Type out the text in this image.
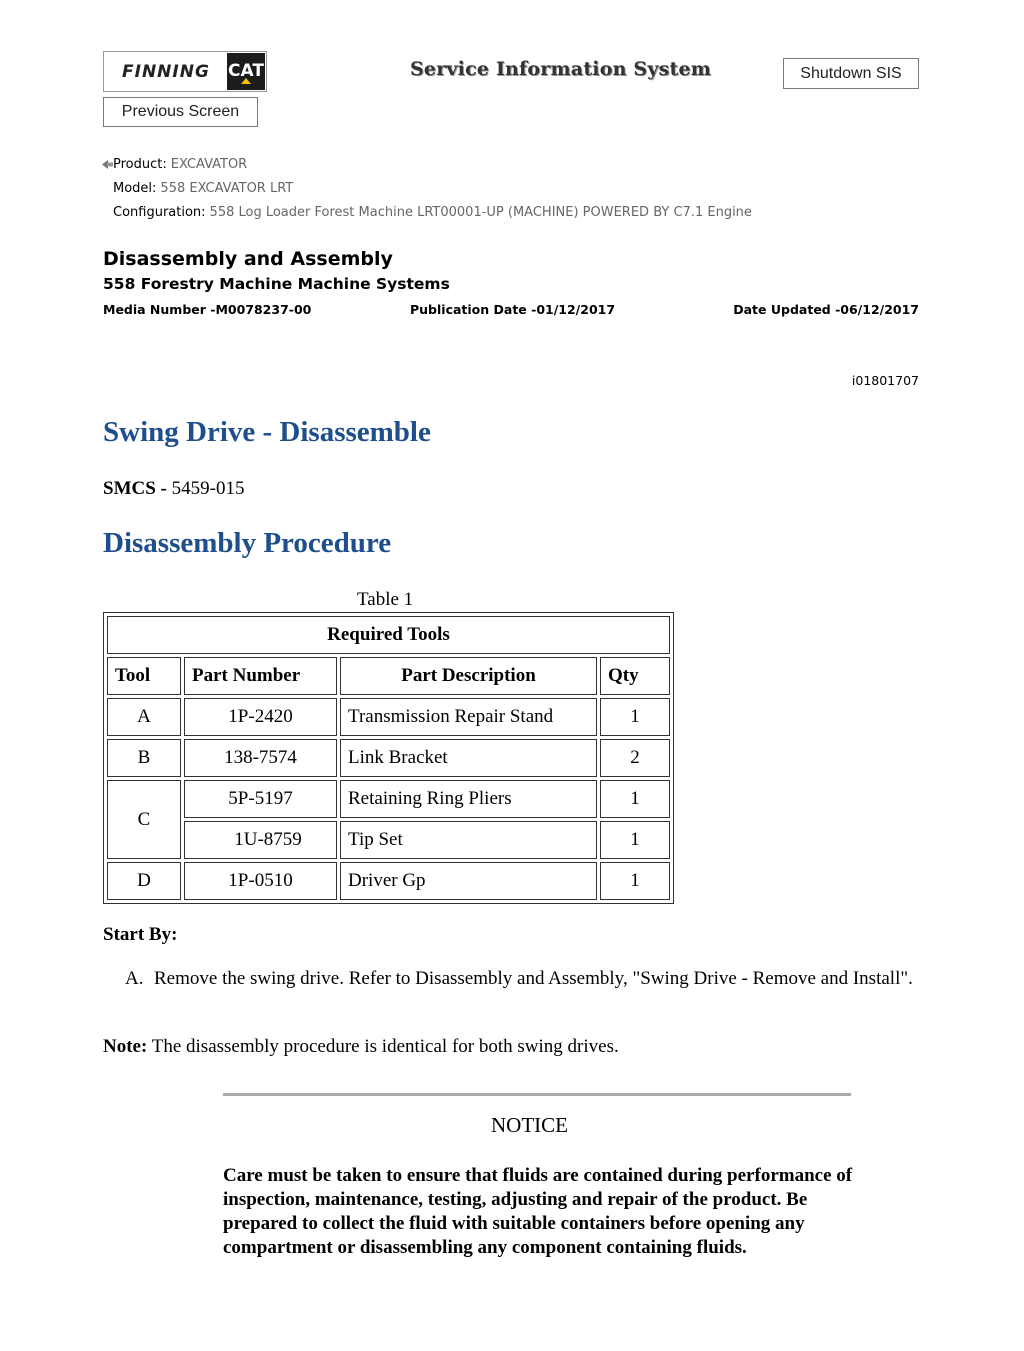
FINNING CAT	Service Information System	Shutdown SIS
Previous Screen
Product: EXCAVATOR
Model: 558 EXCAVATOR LRT
Configuration: 558 Log Loader Forest Machine LRT00001-UP (MACHINE) POWERED BY C7.1 Engine
Disassembly and Assembly
558 Forestry Machine Machine Systems
Media Number -M0078237-00	Publication Date -01/12/2017	Date Updated -06/12/2017
i01801707
Swing Drive - Disassemble
SMCS - 5459-015
Disassembly Procedure
Table 1
Required Tools			
Tool	Part Number	Part Description	Qty
A	1P-2420	Transmission Repair Stand	1
B	138-7574	Link Bracket	2
C	5P-5197	Retaining Ring Pliers	1
	1U-8759	Tip Set	1
D	1P-0510	Driver Gp	1
Start By:
A. Remove the swing drive. Refer to Disassembly and Assembly, "Swing Drive - Remove and Install".
Note: The disassembly procedure is identical for both swing drives.
NOTICE
Care must be taken to ensure that fluids are contained during performance of inspection, maintenance, testing, adjusting and repair of the product. Be prepared to collect the fluid with suitable containers before opening any compartment or disassembling any component containing fluids.
